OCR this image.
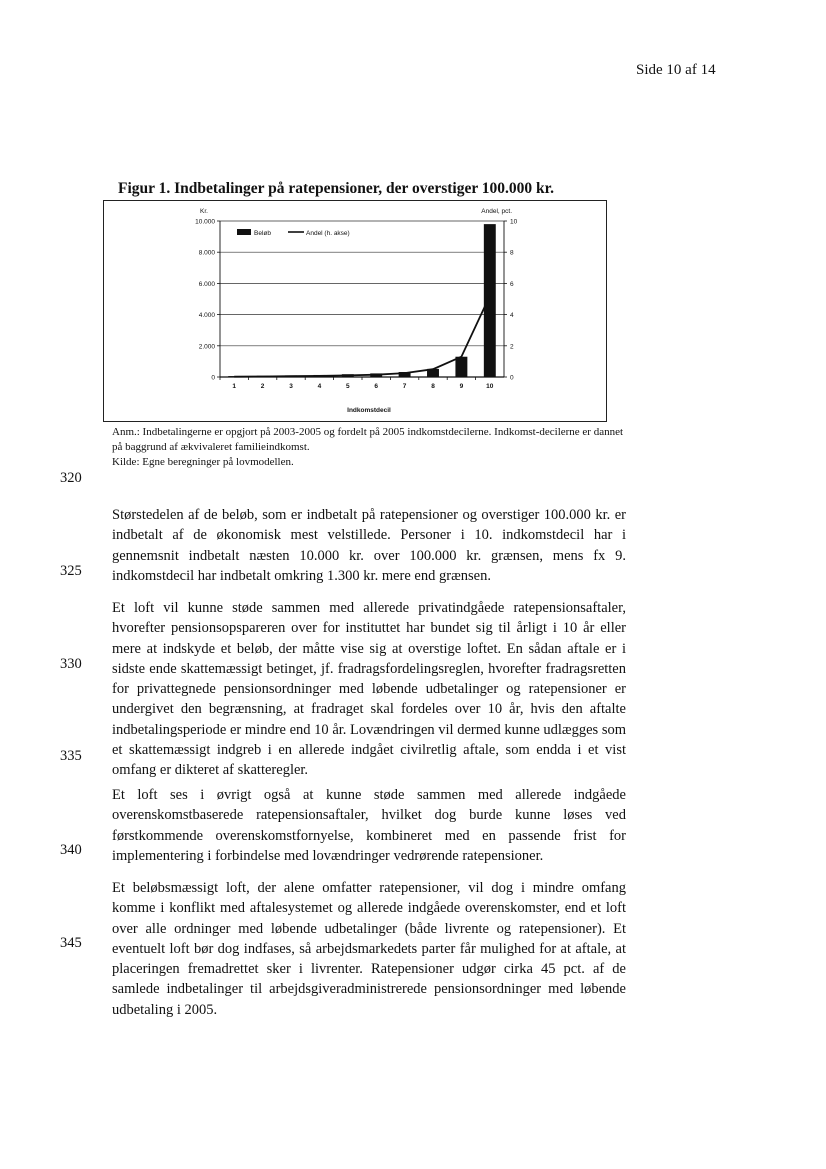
Side 10 af 14
Figur 1. Indbetalinger på ratepensioner, der overstiger 100.000 kr.
0
2.000
4.000
6.000
8.000
10.000
0
2
4
6
8
10
1	2	3	4	5	6	7	8	9	10
Kr.	Andel, pct.
Indkomstdecil
Beløb	Andel (h. akse)

Anm.: Indbetalingerne er opgjort på 2003-2005 og fordelt på 2005 indkomstdecilerne. Indkomst-decilerne er dannet på baggrund af ækvivaleret familieindkomst.

Kilde: Egne beregninger på lovmodellen.

320
325
330
335
340
345

Størstedelen af de beløb, som er indbetalt på ratepensioner og overstiger 100.000 kr. er indbetalt af de økonomisk mest velstillede. Personer i 10. indkomstdecil har i gennemsnit indbetalt næsten 10.000 kr. over 100.000 kr. grænsen, mens fx 9. indkomstdecil har indbetalt omkring 1.300 kr. mere end grænsen.

Et loft vil kunne støde sammen med allerede privatindgåede ratepensionsaftaler, hvorefter pensionsopspareren over for instituttet har bundet sig til årligt i 10 år eller mere at indskyde et beløb, der måtte vise sig at overstige loftet. En sådan aftale er i sidste ende skattemæssigt betinget, jf. fradragsfordelingsreglen, hvorefter fradragsretten for privattegnede pensionsordninger med løbende udbetalinger og ratepensioner er undergivet den begrænsning, at fradraget skal fordeles over 10 år, hvis den aftalte indbetalingsperiode er mindre end 10 år. Lovændringen vil dermed kunne udlægges som et skattemæssigt indgreb i en allerede indgået civilretlig aftale, som endda i et vist omfang er dikteret af skatteregler.

Et loft ses i øvrigt også at kunne støde sammen med allerede indgåede overenskomstbaserede ratepensionsaftaler, hvilket dog burde kunne løses ved førstkommende overenskomstfornyelse, kombineret med en passende frist for implementering i forbindelse med lovændringer vedrørende ratepensioner.

Et beløbsmæssigt loft, der alene omfatter ratepensioner, vil dog i mindre omfang komme i konflikt med aftalesystemet og allerede indgåede overenskomster, end et loft over alle ordninger med løbende udbetalinger (både livrente og ratepensioner). Et eventuelt loft bør dog indfases, så arbejdsmarkedets parter får mulighed for at aftale, at placeringen fremadrettet sker i livrenter. Ratepensioner udgør cirka 45 pct. af de samlede indbetalinger til arbejdsgiveradministrerede pensionsordninger med løbende udbetaling i 2005.
